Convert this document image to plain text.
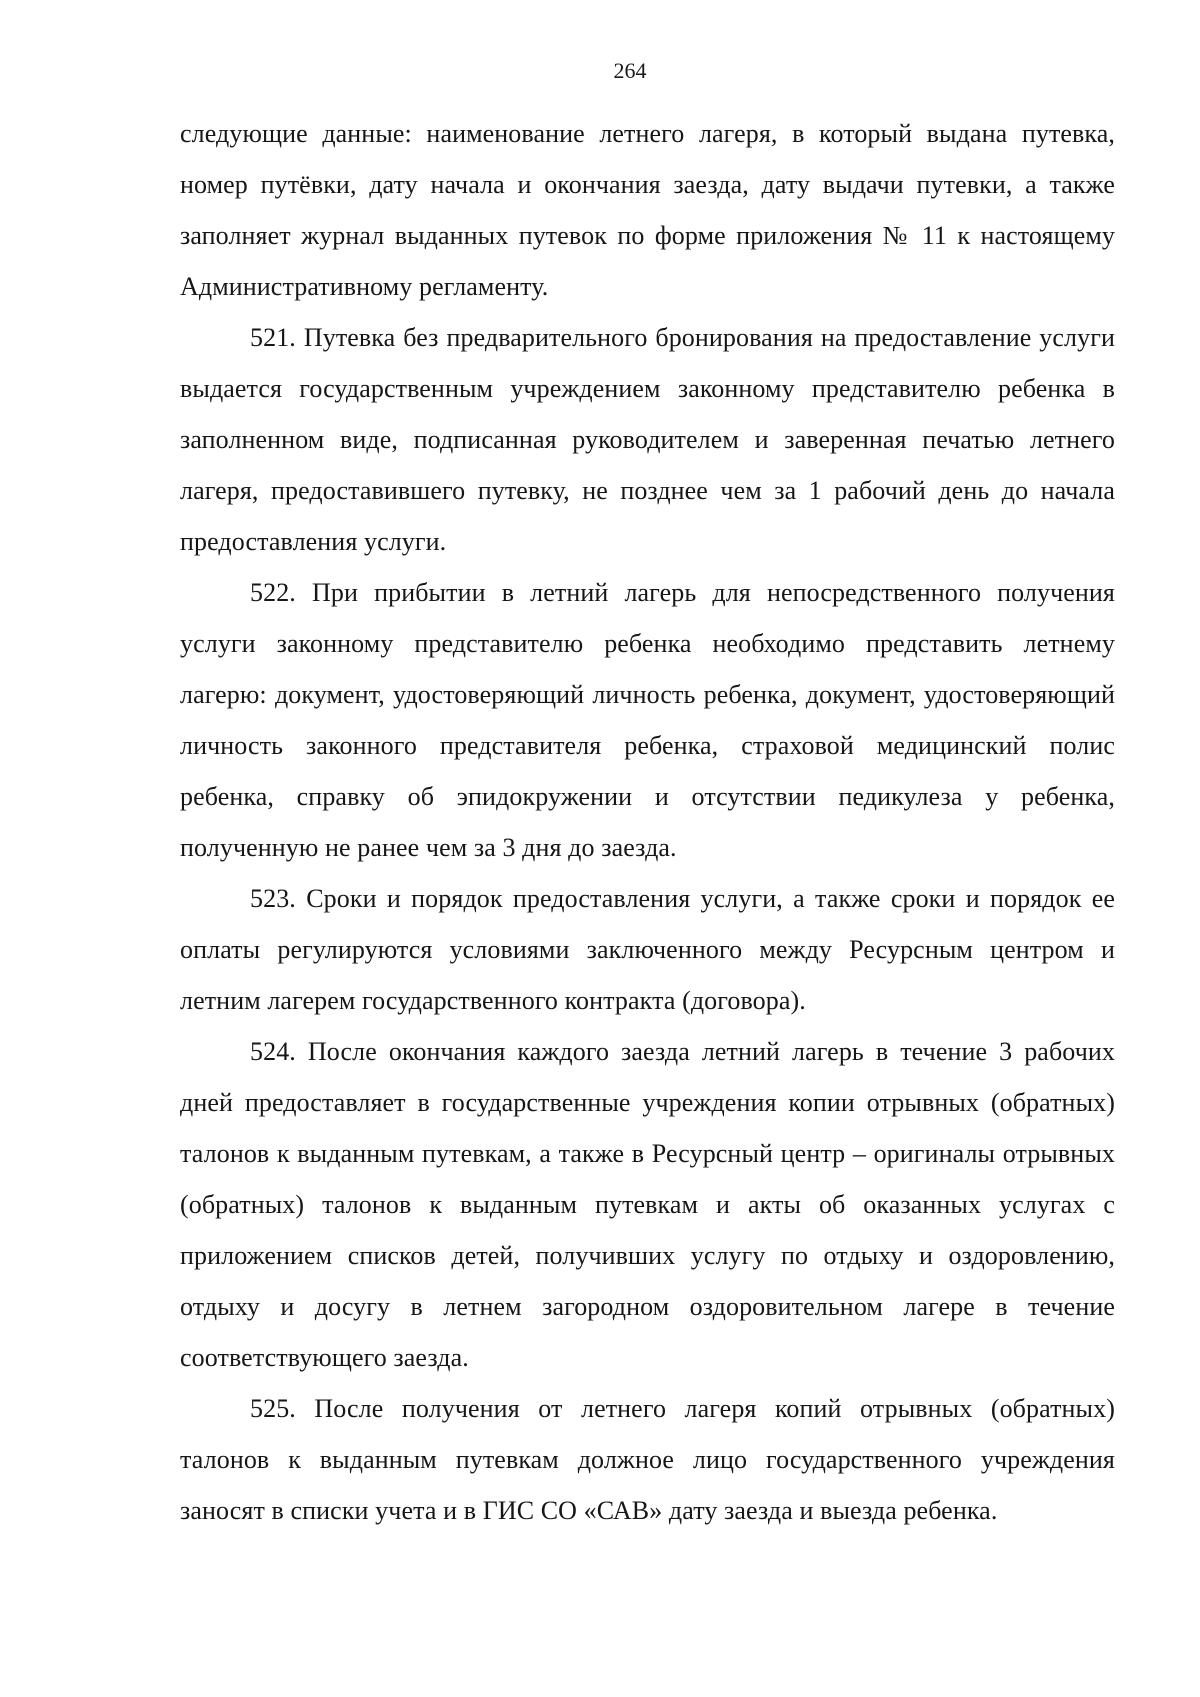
264

следующие данные: наименование летнего лагеря, в который выдана путевка, номер путёвки, дату начала и окончания заезда, дату выдачи путевки, а также заполняет журнал выданных путевок по форме приложения № 11 к настоящему Административному регламенту.

521. Путевка без предварительного бронирования на предоставление услуги выдается государственным учреждением законному представителю ребенка в заполненном виде, подписанная руководителем и заверенная печатью летнего лагеря, предоставившего путевку, не позднее чем за 1 рабочий день до начала предоставления услуги.

522. При прибытии в летний лагерь для непосредственного получения услуги законному представителю ребенка необходимо представить летнему лагерю: документ, удостоверяющий личность ребенка, документ, удостоверяющий личность законного представителя ребенка, страховой медицинский полис ребенка, справку об эпидокружении и отсутствии педикулеза у ребенка, полученную не ранее чем за 3 дня до заезда.

523. Сроки и порядок предоставления услуги, а также сроки и порядок ее оплаты регулируются условиями заключенного между Ресурсным центром и летним лагерем государственного контракта (договора).

524. После окончания каждого заезда летний лагерь в течение 3 рабочих дней предоставляет в государственные учреждения копии отрывных (обратных) талонов к выданным путевкам, а также в Ресурсный центр – оригиналы отрывных (обратных) талонов к выданным путевкам и акты об оказанных услугах с приложением списков детей, получивших услугу по отдыху и оздоровлению, отдыху и досугу в летнем загородном оздоровительном лагере в течение соответствующего заезда.

525. После получения от летнего лагеря копий отрывных (обратных) талонов к выданным путевкам должное лицо государственного учреждения заносят в списки учета и в ГИС СО «САВ» дату заезда и выезда ребенка.
